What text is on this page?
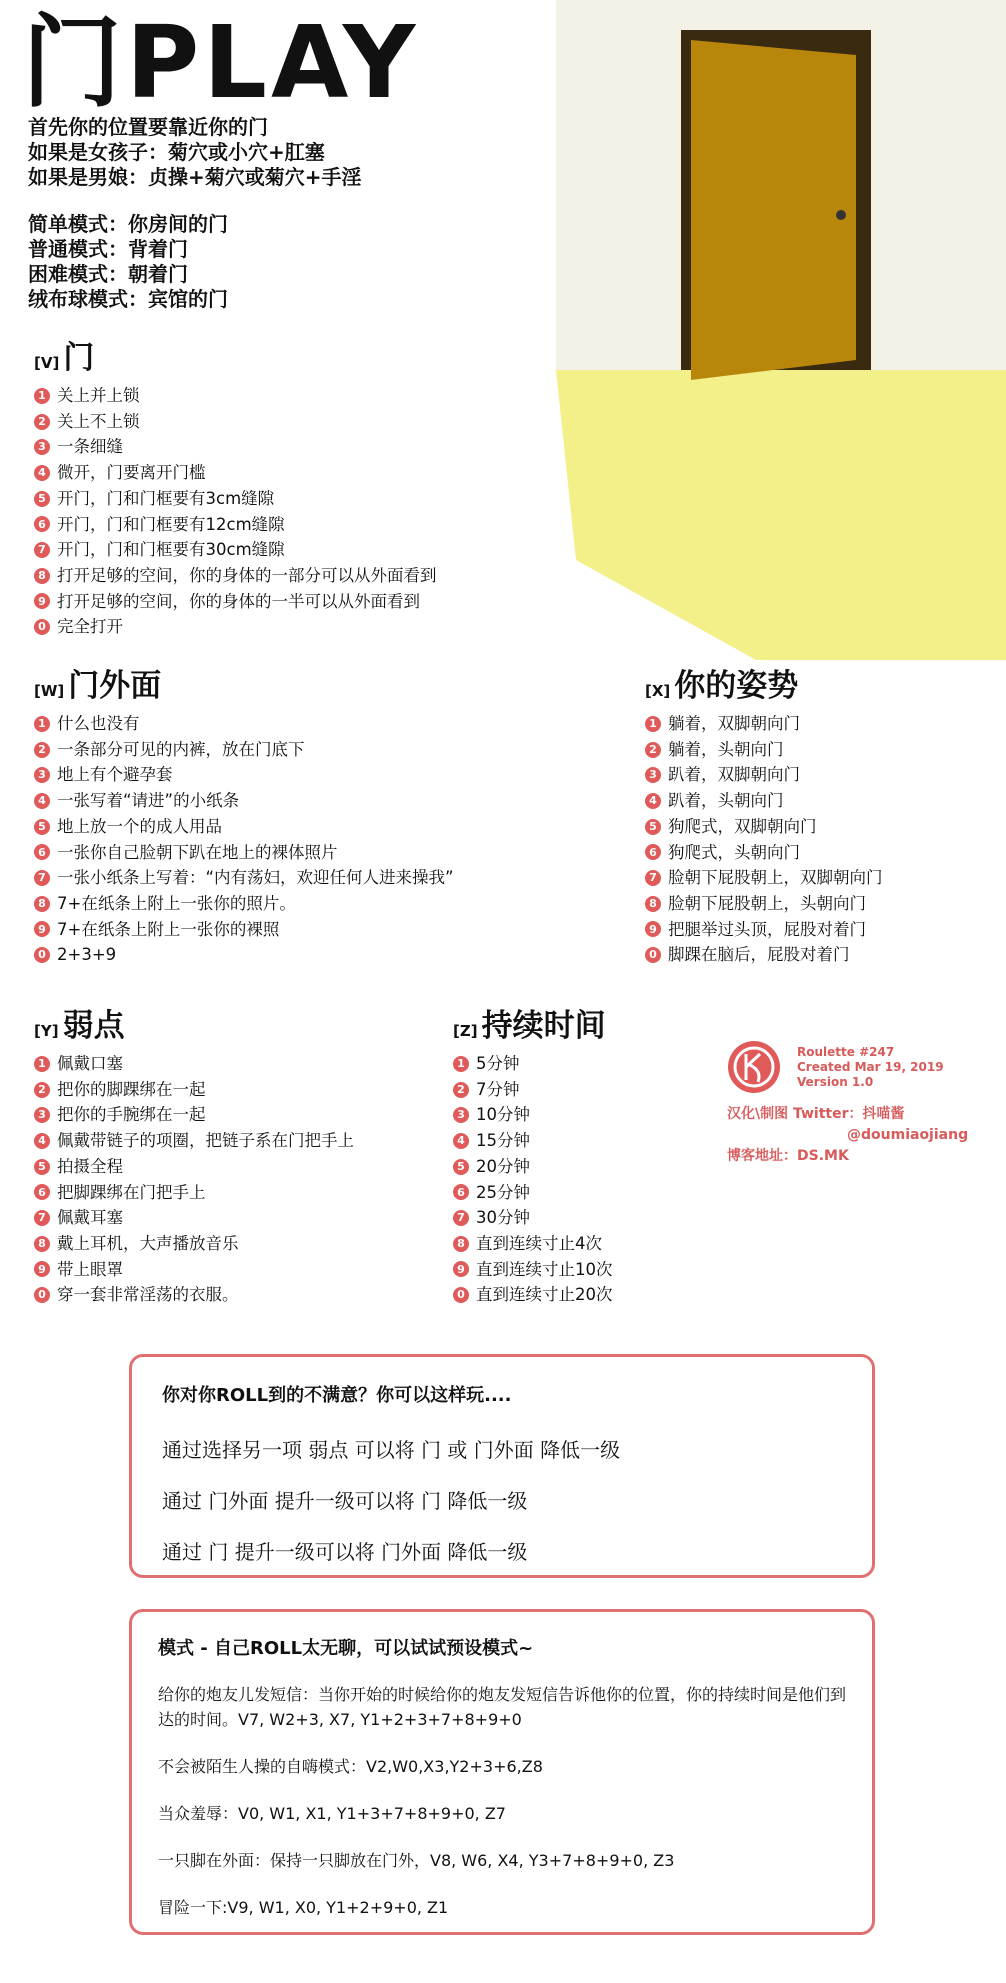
门PLAY
首先你的位置要靠近你的门
如果是女孩子：菊穴或小穴+肛塞
如果是男娘：贞操+菊穴或菊穴+手淫
简单模式：你房间的门
普通模式：背着门
困难模式：朝着门
绒布球模式：宾馆的门
[V] 门
1 关上并上锁
2 关上不上锁
3 一条细缝
4 微开，门要离开门槛
5 开门，门和门框要有3cm缝隙
6 开门，门和门框要有12cm缝隙
7 开门，门和门框要有30cm缝隙
8 打开足够的空间，你的身体的一部分可以从外面看到
9 打开足够的空间，你的身体的一半可以从外面看到
0 完全打开
[W] 门外面
1 什么也没有
2 一条部分可见的内裤，放在门底下
3 地上有个避孕套
4 一张写着“请进”的小纸条
5 地上放一个的成人用品
6 一张你自己脸朝下趴在地上的裸体照片
7 一张小纸条上写着：“内有荡妇，欢迎任何人进来操我”
8 7+在纸条上附上一张你的照片。
9 7+在纸条上附上一张你的裸照
0 2+3+9
[X] 你的姿势
1 躺着，双脚朝向门
2 躺着，头朝向门
3 趴着，双脚朝向门
4 趴着，头朝向门
5 狗爬式，双脚朝向门
6 狗爬式，头朝向门
7 脸朝下屁股朝上，双脚朝向门
8 脸朝下屁股朝上，头朝向门
9 把腿举过头顶，屁股对着门
0 脚踝在脑后，屁股对着门
[Y] 弱点
1 佩戴口塞
2 把你的脚踝绑在一起
3 把你的手腕绑在一起
4 佩戴带链子的项圈，把链子系在门把手上
5 拍摄全程
6 把脚踝绑在门把手上
7 佩戴耳塞
8 戴上耳机，大声播放音乐
9 带上眼罩
0 穿一套非常淫荡的衣服。
[Z] 持续时间
1 5分钟
2 7分钟
3 10分钟
4 15分钟
5 20分钟
6 25分钟
7 30分钟
8 直到连续寸止4次
9 直到连续寸止10次
0 直到连续寸止20次
Roulette #247
Created Mar 19, 2019
Version 1.0
汉化\制图 Twitter：抖喵酱
@doumiaojiang
博客地址：DS.MK
你对你ROLL到的不满意？你可以这样玩....
通过选择另一项 弱点 可以将 门 或 门外面 降低一级
通过 门外面 提升一级可以将 门 降低一级
通过 门 提升一级可以将 门外面 降低一级
模式 - 自己ROLL太无聊，可以试试预设模式~
给你的炮友儿发短信：当你开始的时候给你的炮友发短信告诉他你的位置，你的持续时间是他们到达的时间。V7, W2+3, X7, Y1+2+3+7+8+9+0
不会被陌生人操的自嗨模式：V2,W0,X3,Y2+3+6,Z8
当众羞辱：V0, W1, X1, Y1+3+7+8+9+0, Z7
一只脚在外面：保持一只脚放在门外，V8, W6, X4, Y3+7+8+9+0, Z3
冒险一下:V9, W1, X0, Y1+2+9+0, Z1
